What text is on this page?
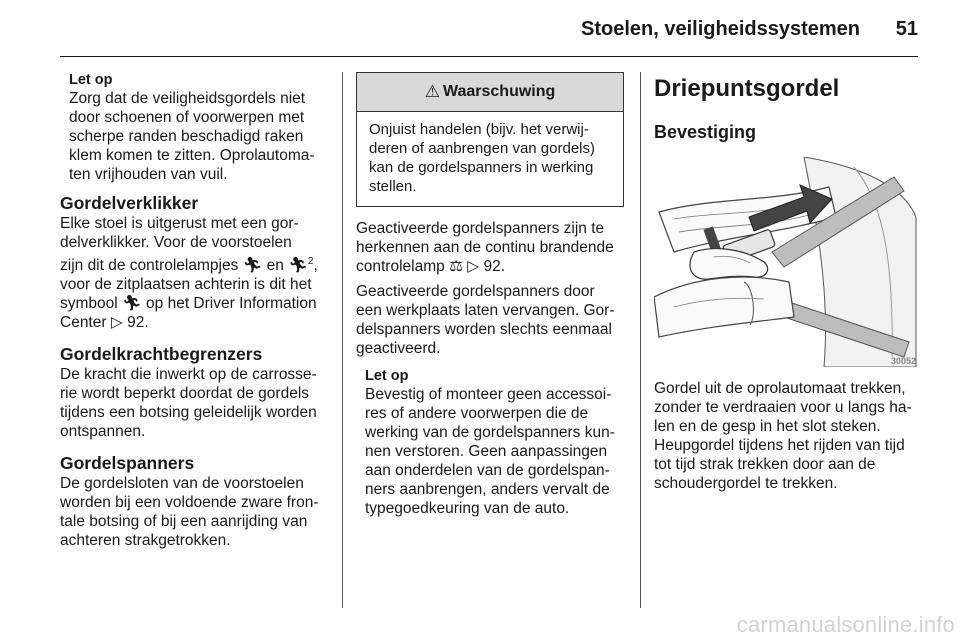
Stoelen, veiligheidssystemen	51

Let op

Zorg dat de veiligheidsgordels niet

door schoenen of voorwerpen met

scherpe randen beschadigd raken

klem komen te zitten. Oprolautoma-

ten vrijhouden van vuil.

Gordelverklikker

Elke stoel is uitgerust met een gor-

delverklikker. Voor de voorstoelen

zijn dit de controlelampjes 🏃︎ en 🏃︎$^2$,

voor de zitplaatsen achterin is dit het

symbool 🏃︎ op het Driver Information

Center ▷ 92.

Gordelkrachtbegrenzers

De kracht die inwerkt op de carrosse-

rie wordt beperkt doordat de gordels

tijdens een botsing geleidelijk worden

ontspannen.

Gordelspanners

De gordelsloten van de voorstoelen

worden bij een voldoende zware fron-

tale botsing of bij een aanrijding van

achteren strakgetrokken.

⚠︎ Waarschuwing

Onjuist handelen (bijv. het verwij-

deren of aanbrengen van gordels)

kan de gordelspanners in werking

stellen.

Geactiveerde gordelspanners zijn te

herkennen aan de continu brandende

controlelamp ⚖︎ ▷ 92.

Geactiveerde gordelspanners door

een werkplaats laten vervangen. Gor-

delspanners worden slechts eenmaal

geactiveerd.

Let op

Bevestig of monteer geen accessoi-

res of andere voorwerpen die de

werking van de gordelspanners kun-

nen verstoren. Geen aanpassingen

aan onderdelen van de gordelspan-

ners aanbrengen, anders vervalt de

typegoedkeuring van de auto.

Driepuntsgordel

Bevestiging

30052

Gordel uit de oprolautomaat trekken,

zonder te verdraaien voor u langs ha-

len en de gesp in het slot steken.

Heupgordel tijdens het rijden van tijd

tot tijd strak trekken door aan de

schoudergordel te trekken.

carmanualsonline.info
